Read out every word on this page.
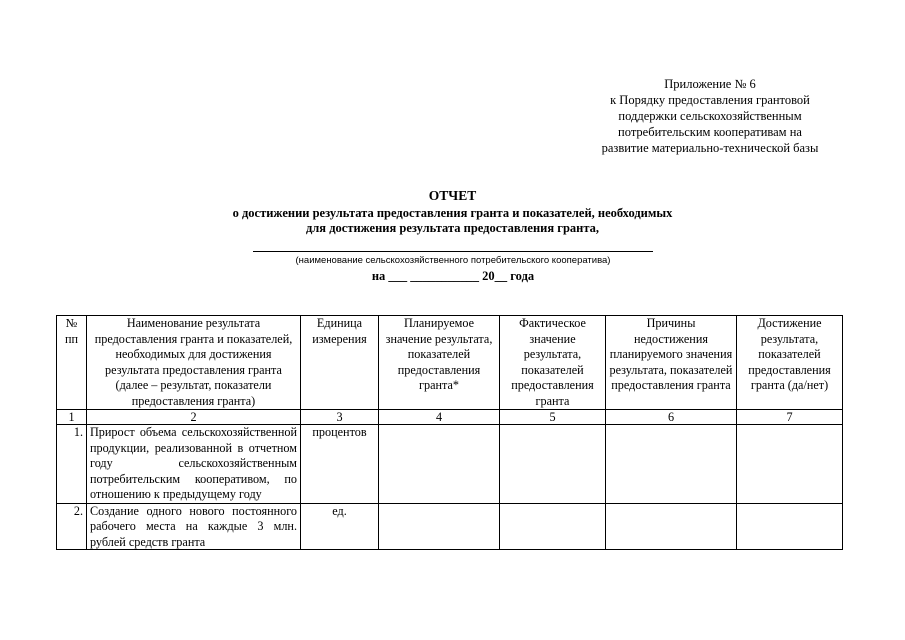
Приложение № 6
к Порядку предоставления грантовой
поддержки сельскохозяйственным
потребительским кооперативам на
развитие материально-технической базы
ОТЧЕТ
о достижении результата предоставления гранта и показателей, необходимых
для достижения результата предоставления гранта,
(наименование сельскохозяйственного потребительского кооператива)
на ___ ___________ 20__ года
№ пп	Наименование результата предоставления гранта и показателей, необходимых для достижения результата предоставления гранта (далее – результат, показатели предоставления гранта)	Единица измерения	Планируемое значение результата, показателей предоставления гранта*	Фактическое значение результата, показателей предоставления гранта	Причины недостижения планируемого значения результата, показателей предоставления гранта	Достижение результата, показателей предоставления гранта (да/нет)
1	2	3	4	5	6	7
1.	Прирост объема сельскохозяйственной продукции, реализованной в отчетном году сельскохозяйственным потребительским кооперативом, по отношению к предыдущему году	процентов				
2.	Создание одного нового постоянного рабочего места на каждые 3 млн. рублей средств гранта	ед.				
